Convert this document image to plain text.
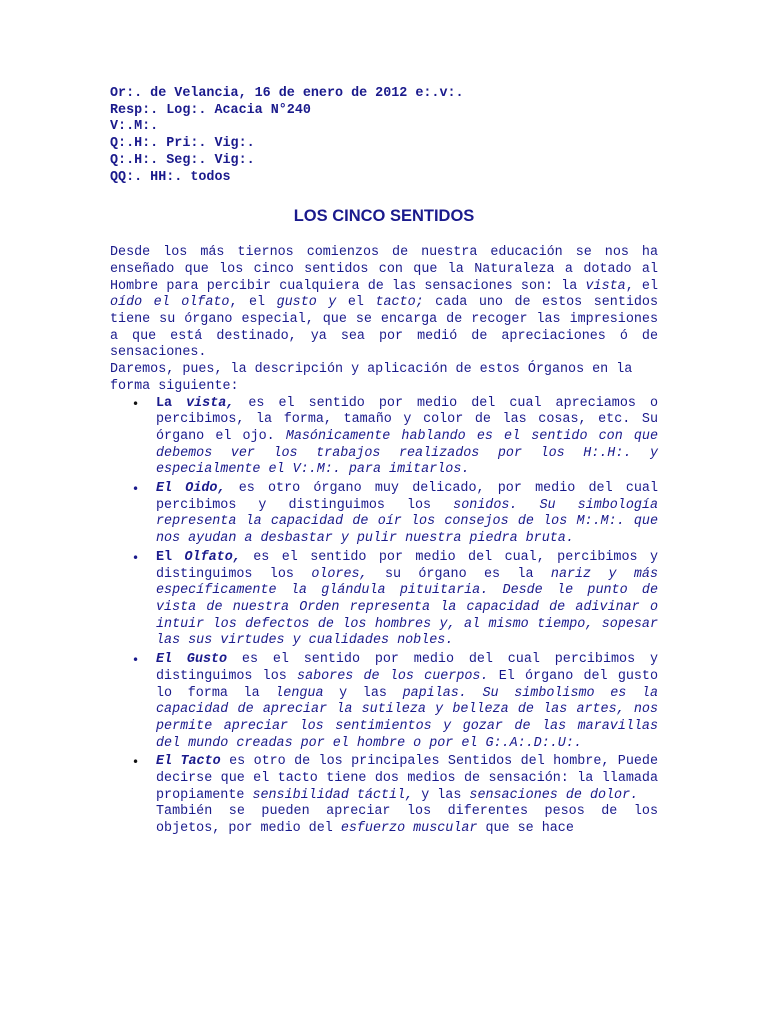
Or:. de Velancia, 16 de enero de 2012 e:.v:.

Resp:. Log:. Acacia N°240

V:.M:.

Q:.H:. Pri:. Vig:.

Q:.H:. Seg:. Vig:.

QQ:. HH:. todos

LOS CINCO SENTIDOS

Desde los más tiernos comienzos de nuestra educación se nos ha enseñado que los cinco sentidos con que la Naturaleza a dotado al Hombre para percibir cualquiera de las sensaciones son: la vista, el oído el olfato, el gusto y el tacto; cada uno de estos sentidos tiene su órgano especial, que se encarga de recoger las impresiones a que está destinado, ya sea por medió de apreciaciones ó de sensaciones.

Daremos, pues, la descripción y aplicación de estos Órganos en la forma siguiente:

• La vista, es el sentido por medio del cual apreciamos o percibimos, la forma, tamaño y color de las cosas, etc. Su órgano el ojo. Masónicamente hablando es el sentido con que debemos ver los trabajos realizados por los H:.H:. y especialmente el V:.M:. para imitarlos.

• El Oido, es otro órgano muy delicado, por medio del cual percibimos y distinguimos los sonidos. Su simbología representa la capacidad de oír los consejos de los M:.M:. que nos ayudan a desbastar y pulir nuestra piedra bruta.

• El Olfato, es el sentido por medio del cual, percibimos y distinguimos los olores, su órgano es la nariz y más específicamente la glándula pituitaria. Desde le punto de vista de nuestra Orden representa la capacidad de adivinar o intuir los defectos de los hombres y, al mismo tiempo, sopesar las sus virtudes y cualidades nobles.

• El Gusto es el sentido por medio del cual percibimos y distinguimos los sabores de los cuerpos. El órgano del gusto lo forma la lengua y las papilas. Su simbolismo es la capacidad de apreciar la sutileza y belleza de las artes, nos permite apreciar los sentimientos y gozar de las maravillas del mundo creadas por el hombre o por el G:.A:.D:.U:.

• El Tacto es otro de los principales Sentidos del hombre, Puede decirse que el tacto tiene dos medios de sensación: la llamada propiamente sensibilidad táctil, y las sensaciones de dolor.

También se pueden apreciar los diferentes pesos de los objetos, por medio del esfuerzo muscular que se hace
